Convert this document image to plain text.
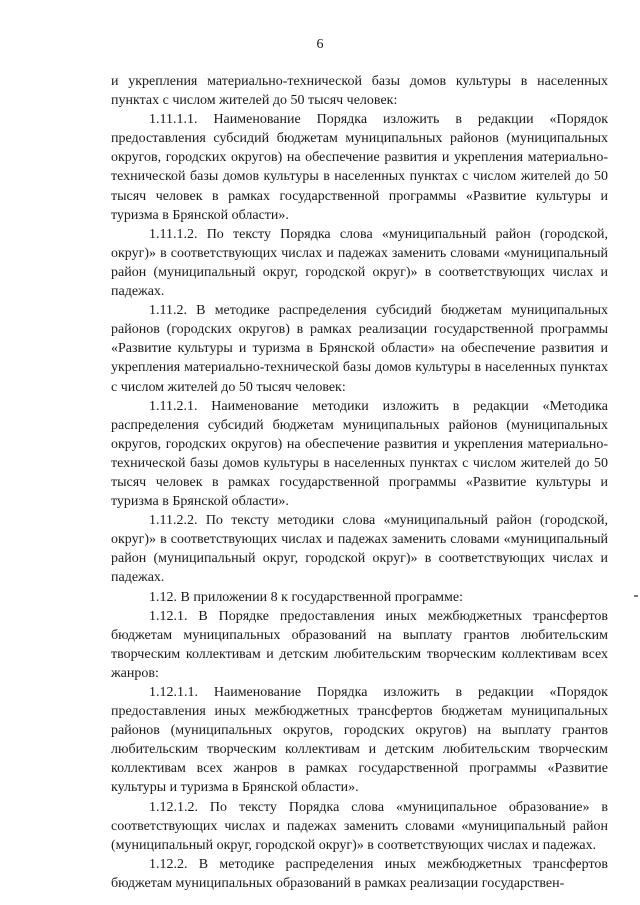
6

и укрепления материально-технической базы домов культуры в населенных пунктах с числом жителей до 50 тысяч человек:

1.11.1.1. Наименование Порядка изложить в редакции «Порядок предоставления субсидий бюджетам муниципальных районов (муниципальных округов, городских округов) на обеспечение развития и укрепления материально-технической базы домов культуры в населенных пунктах с числом жителей до 50 тысяч человек в рамках государственной программы «Развитие культуры и туризма в Брянской области».

1.11.1.2. По тексту Порядка слова «муниципальный район (городской, округ)» в соответствующих числах и падежах заменить словами «муниципальный район (муниципальный округ, городской округ)» в соответствующих числах и падежах.

1.11.2. В методике распределения субсидий бюджетам муниципальных районов (городских округов) в рамках реализации государственной программы «Развитие культуры и туризма в Брянской области» на обеспечение развития и укрепления материально-технической базы домов культуры в населенных пунктах с числом жителей до 50 тысяч человек:

1.11.2.1. Наименование методики изложить в редакции «Методика распределения субсидий бюджетам муниципальных районов (муниципальных округов, городских округов) на обеспечение развития и укрепления материально-технической базы домов культуры в населенных пунктах с числом жителей до 50 тысяч человек в рамках государственной программы «Развитие культуры и туризма в Брянской области».

1.11.2.2. По тексту методики слова «муниципальный район (городской, округ)» в соответствующих числах и падежах заменить словами «муниципальный район (муниципальный округ, городской округ)» в соответствующих числах и падежах.

1.12. В приложении 8 к государственной программе:

1.12.1. В Порядке предоставления иных межбюджетных трансфертов бюджетам муниципальных образований на выплату грантов любительским творческим коллективам и детским любительским творческим коллективам всех жанров:

1.12.1.1. Наименование Порядка изложить в редакции «Порядок предоставления иных межбюджетных трансфертов бюджетам муниципальных районов (муниципальных округов, городских округов) на выплату грантов любительским творческим коллективам и детским любительским творческим коллективам всех жанров в рамках государственной программы «Развитие культуры и туризма в Брянской области».

1.12.1.2. По тексту Порядка слова «муниципальное образование» в соответствующих числах и падежах заменить словами «муниципальный район (муниципальный округ, городской округ)» в соответствующих числах и падежах.

1.12.2. В методике распределения иных межбюджетных трансфертов бюджетам муниципальных образований в рамках реализации государствен-
